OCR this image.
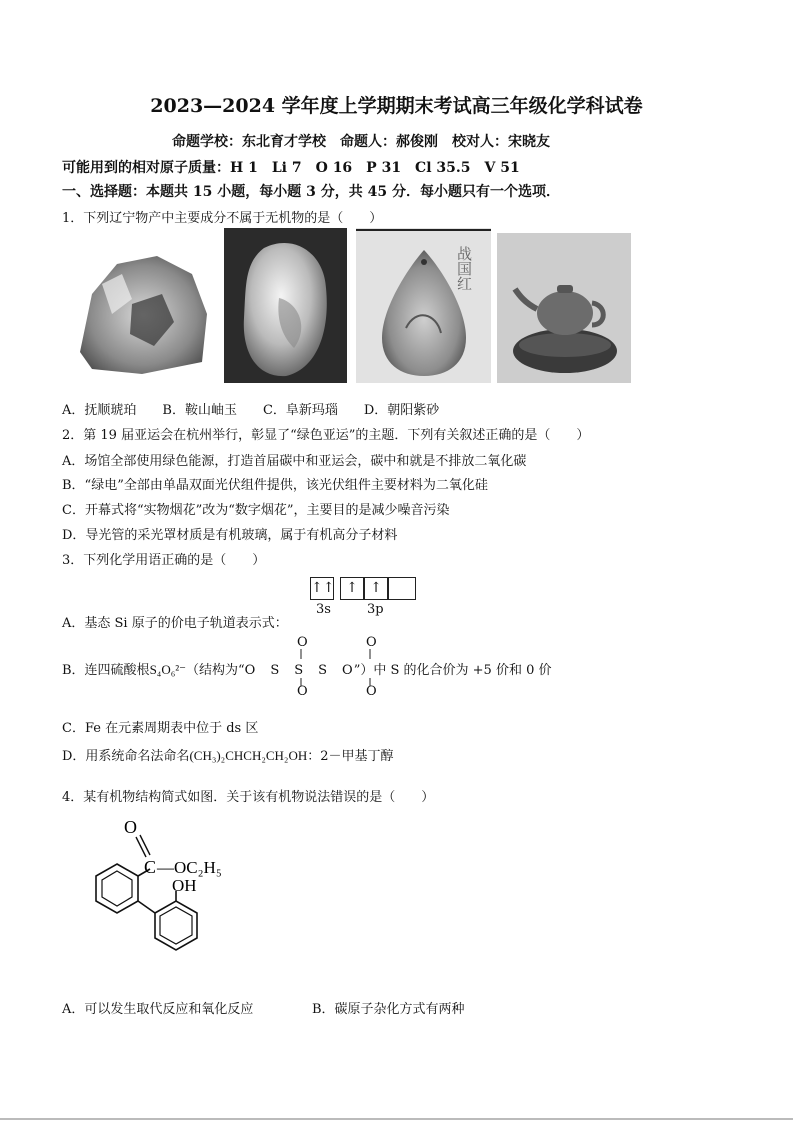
2023—2024 学年度上学期期末考试高三年级化学科试卷
命题学校：东北育才学校　命题人：郝俊刚　校对人：宋晓友
可能用到的相对原子质量：H 1　Li 7　O 16　P 31　Cl 35.5　V 51
一、选择题：本题共 15 小题，每小题 3 分，共 45 分．每小题只有一个选项．
1．下列辽宁物产中主要成分不属于无机物的是（　　）
战国红
A．抚顺琥珀　　B．鞍山岫玉　　C．阜新玛瑙　　D．朝阳紫砂
2．第 19 届亚运会在杭州举行，彰显了“绿色亚运”的主题．下列有关叙述正确的是（　　）
A．场馆全部使用绿色能源，打造首届碳中和亚运会，碳中和就是不排放二氧化碳
B．“绿电”全部由单晶双面光伏组件提供，该光伏组件主要材料为二氧化硅
C．开幕式将“实物烟花”改为“数字烟花”，主要目的是减少噪音污染
D．导光管的采光罩材质是有机玻璃，属于有机高分子材料
3．下列化学用语正确的是（　　）
↑↑ ↑ ↑
3s	3p
A．基态 Si 原子的价电子轨道表示式：
B．连四硫酸根S₄O₆²⁻（结构为“O　S　S　S　O”）中 S 的化合价为 +5 价和 0 价
O	O
O	O
C．Fe 在元素周期表中位于 ds 区
D．用系统命名法命名(CH₃)₂CHCH₂CH₂OH：2－甲基丁醇
4．某有机物结构简式如图．关于该有机物说法错误的是（　　）
O
C —OC₂H₅
OH
A．可以发生取代反应和氧化反应	B．碳原子杂化方式有两种
